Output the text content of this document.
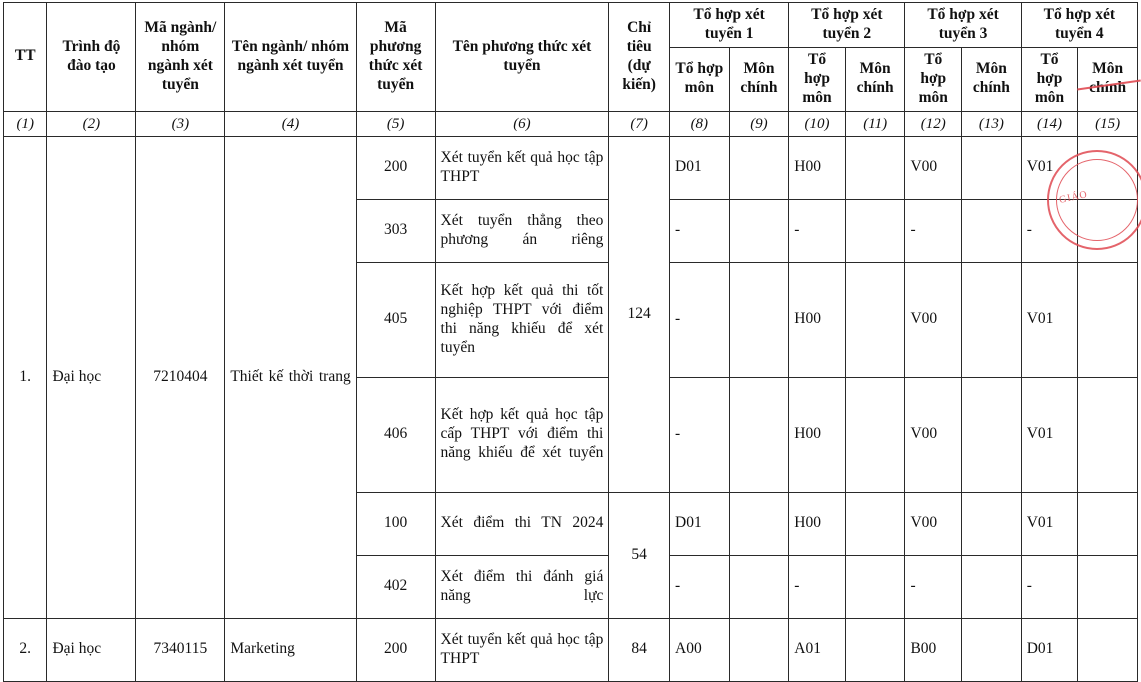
TT	Trình độ đào tạo	Mã ngành/ nhóm ngành xét tuyển	Tên ngành/ nhóm ngành xét tuyển	Mã phương thức xét tuyển	Tên phương thức xét tuyển	Chỉ tiêu (dự kiến)	Tổ hợp xét tuyển 1		Tổ hợp xét tuyển 2		Tổ hợp xét tuyển 3		Tổ hợp xét tuyển 4	
							Tổ hợp môn	Môn chính	Tổ hợp môn	Môn chính	Tổ hợp môn	Môn chính	Tổ hợp môn	Môn chính
(1)	(2)	(3)	(4)	(5)	(6)	(7)	(8)	(9)	(10)	(11)	(12)	(13)	(14)	(15)
1.	Đại học	7210404	Thiết kế thời trang	200	Xét tuyển kết quả học tập THPT	124	D01		H00		V00		V01	
				303	Xét tuyển thẳng theo phương án riêng		-		-		-		-	
				405	Kết hợp kết quả thi tốt nghiệp THPT với điểm thi năng khiếu để xét tuyển		-		H00		V00		V01	
				406	Kết hợp kết quả học tập cấp THPT với điểm thi năng khiếu để xét tuyển		-		H00		V00		V01	
				100	Xét điểm thi TN 2024	54	D01		H00		V00		V01	
				402	Xét điểm thi đánh giá năng lực		-		-		-		-	
2.	Đại học	7340115	Marketing	200	Xét tuyển kết quả học tập THPT	84	A00		A01		B00		D01	
GIÁO
